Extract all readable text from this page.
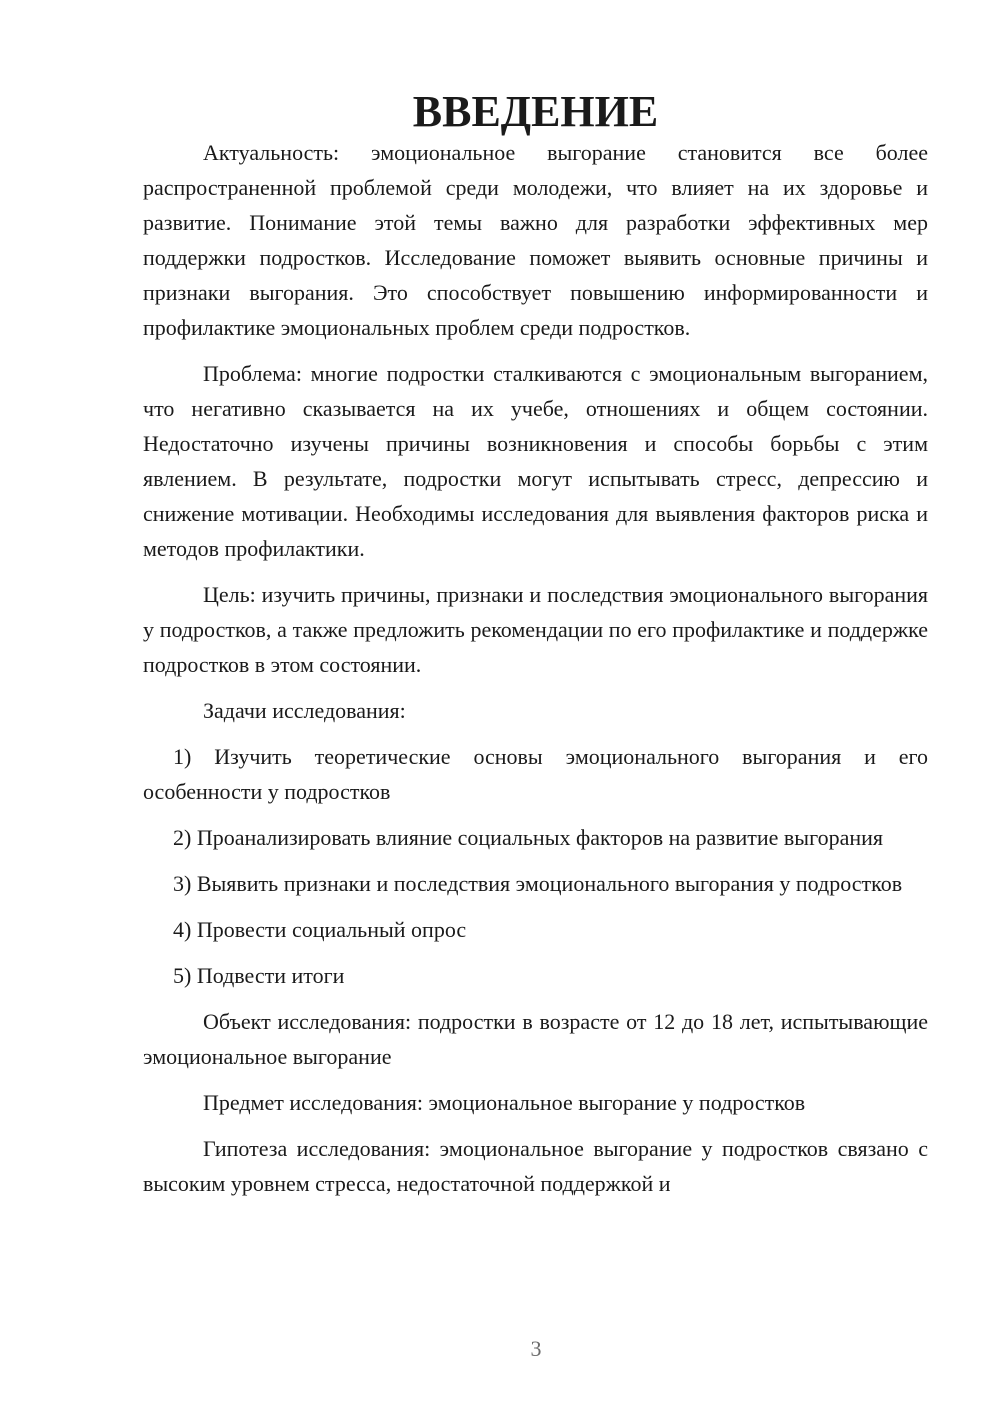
ВВЕДЕНИЕ

Актуальность: эмоциональное выгорание становится все более распространенной проблемой среди молодежи, что влияет на их здоровье и развитие. Понимание этой темы важно для разработки эффективных мер поддержки подростков. Исследование поможет выявить основные причины и признаки выгорания. Это способствует повышению информированности и профилактике эмоциональных проблем среди подростков.

Проблема: многие подростки сталкиваются с эмоциональным выгоранием, что негативно сказывается на их учебе, отношениях и общем состоянии. Недостаточно изучены причины возникновения и способы борьбы с этим явлением. В результате, подростки могут испытывать стресс, депрессию и снижение мотивации. Необходимы исследования для выявления факторов риска и методов профилактики.

Цель: изучить причины, признаки и последствия эмоционального выгорания у подростков, а также предложить рекомендации по его профилактике и поддержке подростков в этом состоянии.

Задачи исследования:

1) Изучить теоретические основы эмоционального выгорания и его особенности у подростков

2) Проанализировать влияние социальных факторов на развитие выгорания

3) Выявить признаки и последствия эмоционального выгорания у подростков

4) Провести социальный опрос

5) Подвести итоги

Объект исследования: подростки в возрасте от 12 до 18 лет, испытывающие эмоциональное выгорание

Предмет исследования: эмоциональное выгорание у подростков

Гипотеза исследования: эмоциональное выгорание у подростков связано с высоким уровнем стресса, недостаточной поддержкой и

3
